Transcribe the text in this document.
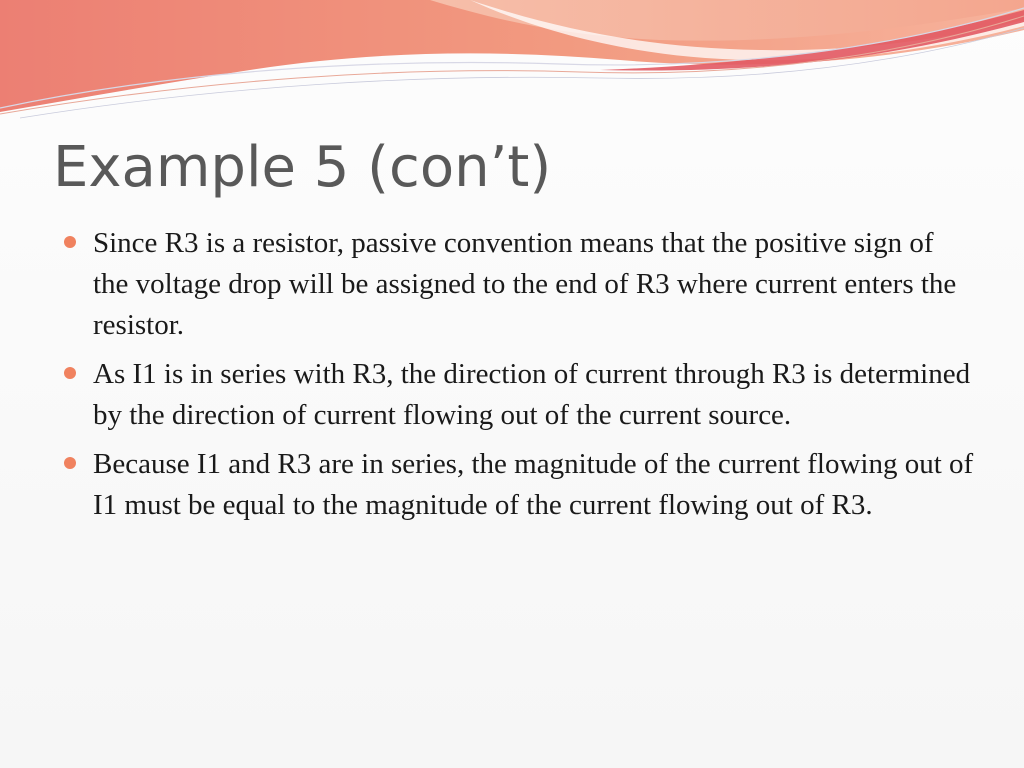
Example 5 (con’t)
Since R3 is a resistor, passive convention means that the positive sign of the voltage drop will be assigned to the end of R3 where current enters the resistor.
As I1 is in series with R3, the direction of current through R3 is determined by the direction of current flowing out of the current source.
Because I1 and R3 are in series, the magnitude of the current flowing out of I1 must be equal to the magnitude of the current flowing out of R3.
